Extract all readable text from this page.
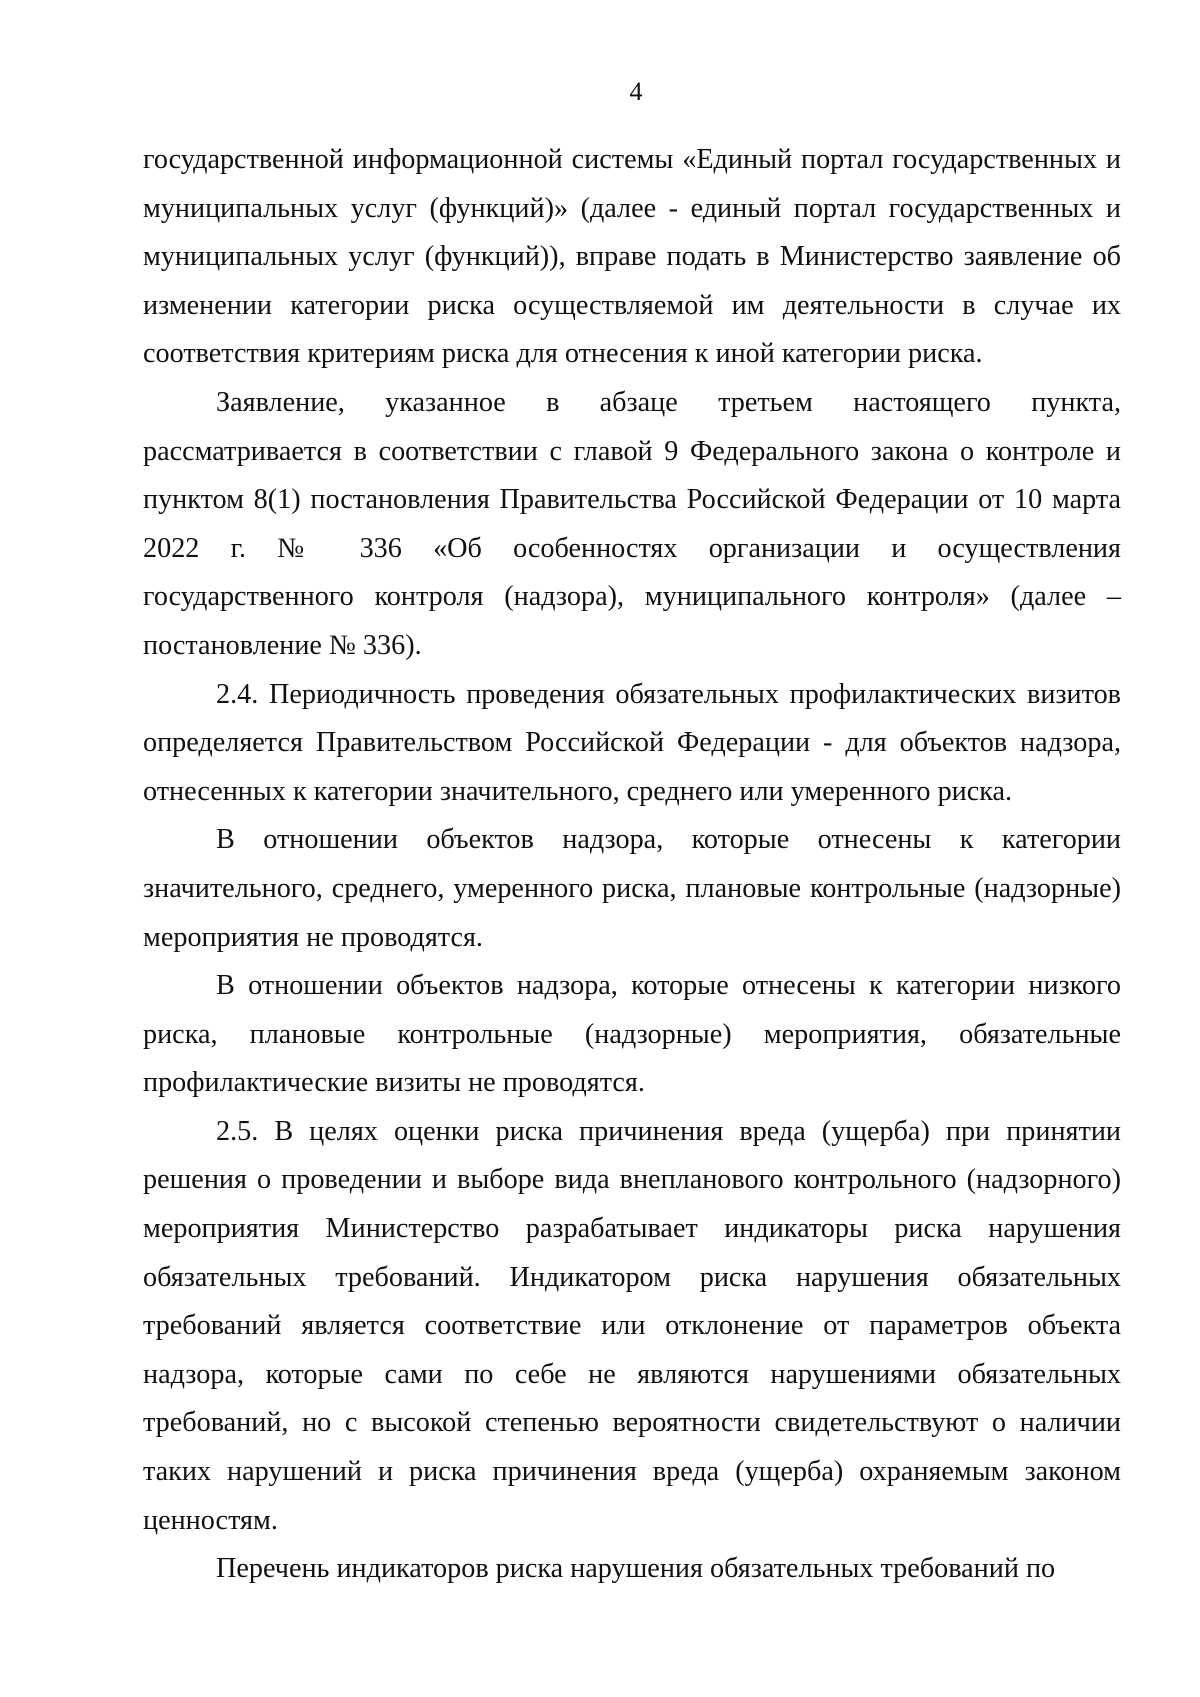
4

государственной информационной системы «Единый портал государственных и муниципальных услуг (функций)» (далее - единый портал государственных и муниципальных услуг (функций)), вправе подать в Министерство заявление об изменении категории риска осуществляемой им деятельности в случае их соответствия критериям риска для отнесения к иной категории риска.

Заявление, указанное в абзаце третьем настоящего пункта, рассматривается в соответствии с главой 9 Федерального закона о контроле и пунктом 8(1) постановления Правительства Российской Федерации от 10 марта 2022 г. № 336 «Об особенностях организации и осуществления государственного контроля (надзора), муниципального контроля» (далее – постановление № 336).

2.4. Периодичность проведения обязательных профилактических визитов определяется Правительством Российской Федерации - для объектов надзора, отнесенных к категории значительного, среднего или умеренного риска.

В отношении объектов надзора, которые отнесены к категории значительного, среднего, умеренного риска, плановые контрольные (надзорные) мероприятия не проводятся.

В отношении объектов надзора, которые отнесены к категории низкого риска, плановые контрольные (надзорные) мероприятия, обязательные профилактические визиты не проводятся.

2.5. В целях оценки риска причинения вреда (ущерба) при принятии решения о проведении и выборе вида внепланового контрольного (надзорного) мероприятия Министерство разрабатывает индикаторы риска нарушения обязательных требований. Индикатором риска нарушения обязательных требований является соответствие или отклонение от параметров объекта надзора, которые сами по себе не являются нарушениями обязательных требований, но с высокой степенью вероятности свидетельствуют о наличии таких нарушений и риска причинения вреда (ущерба) охраняемым законом ценностям.

Перечень индикаторов риска нарушения обязательных требований по
